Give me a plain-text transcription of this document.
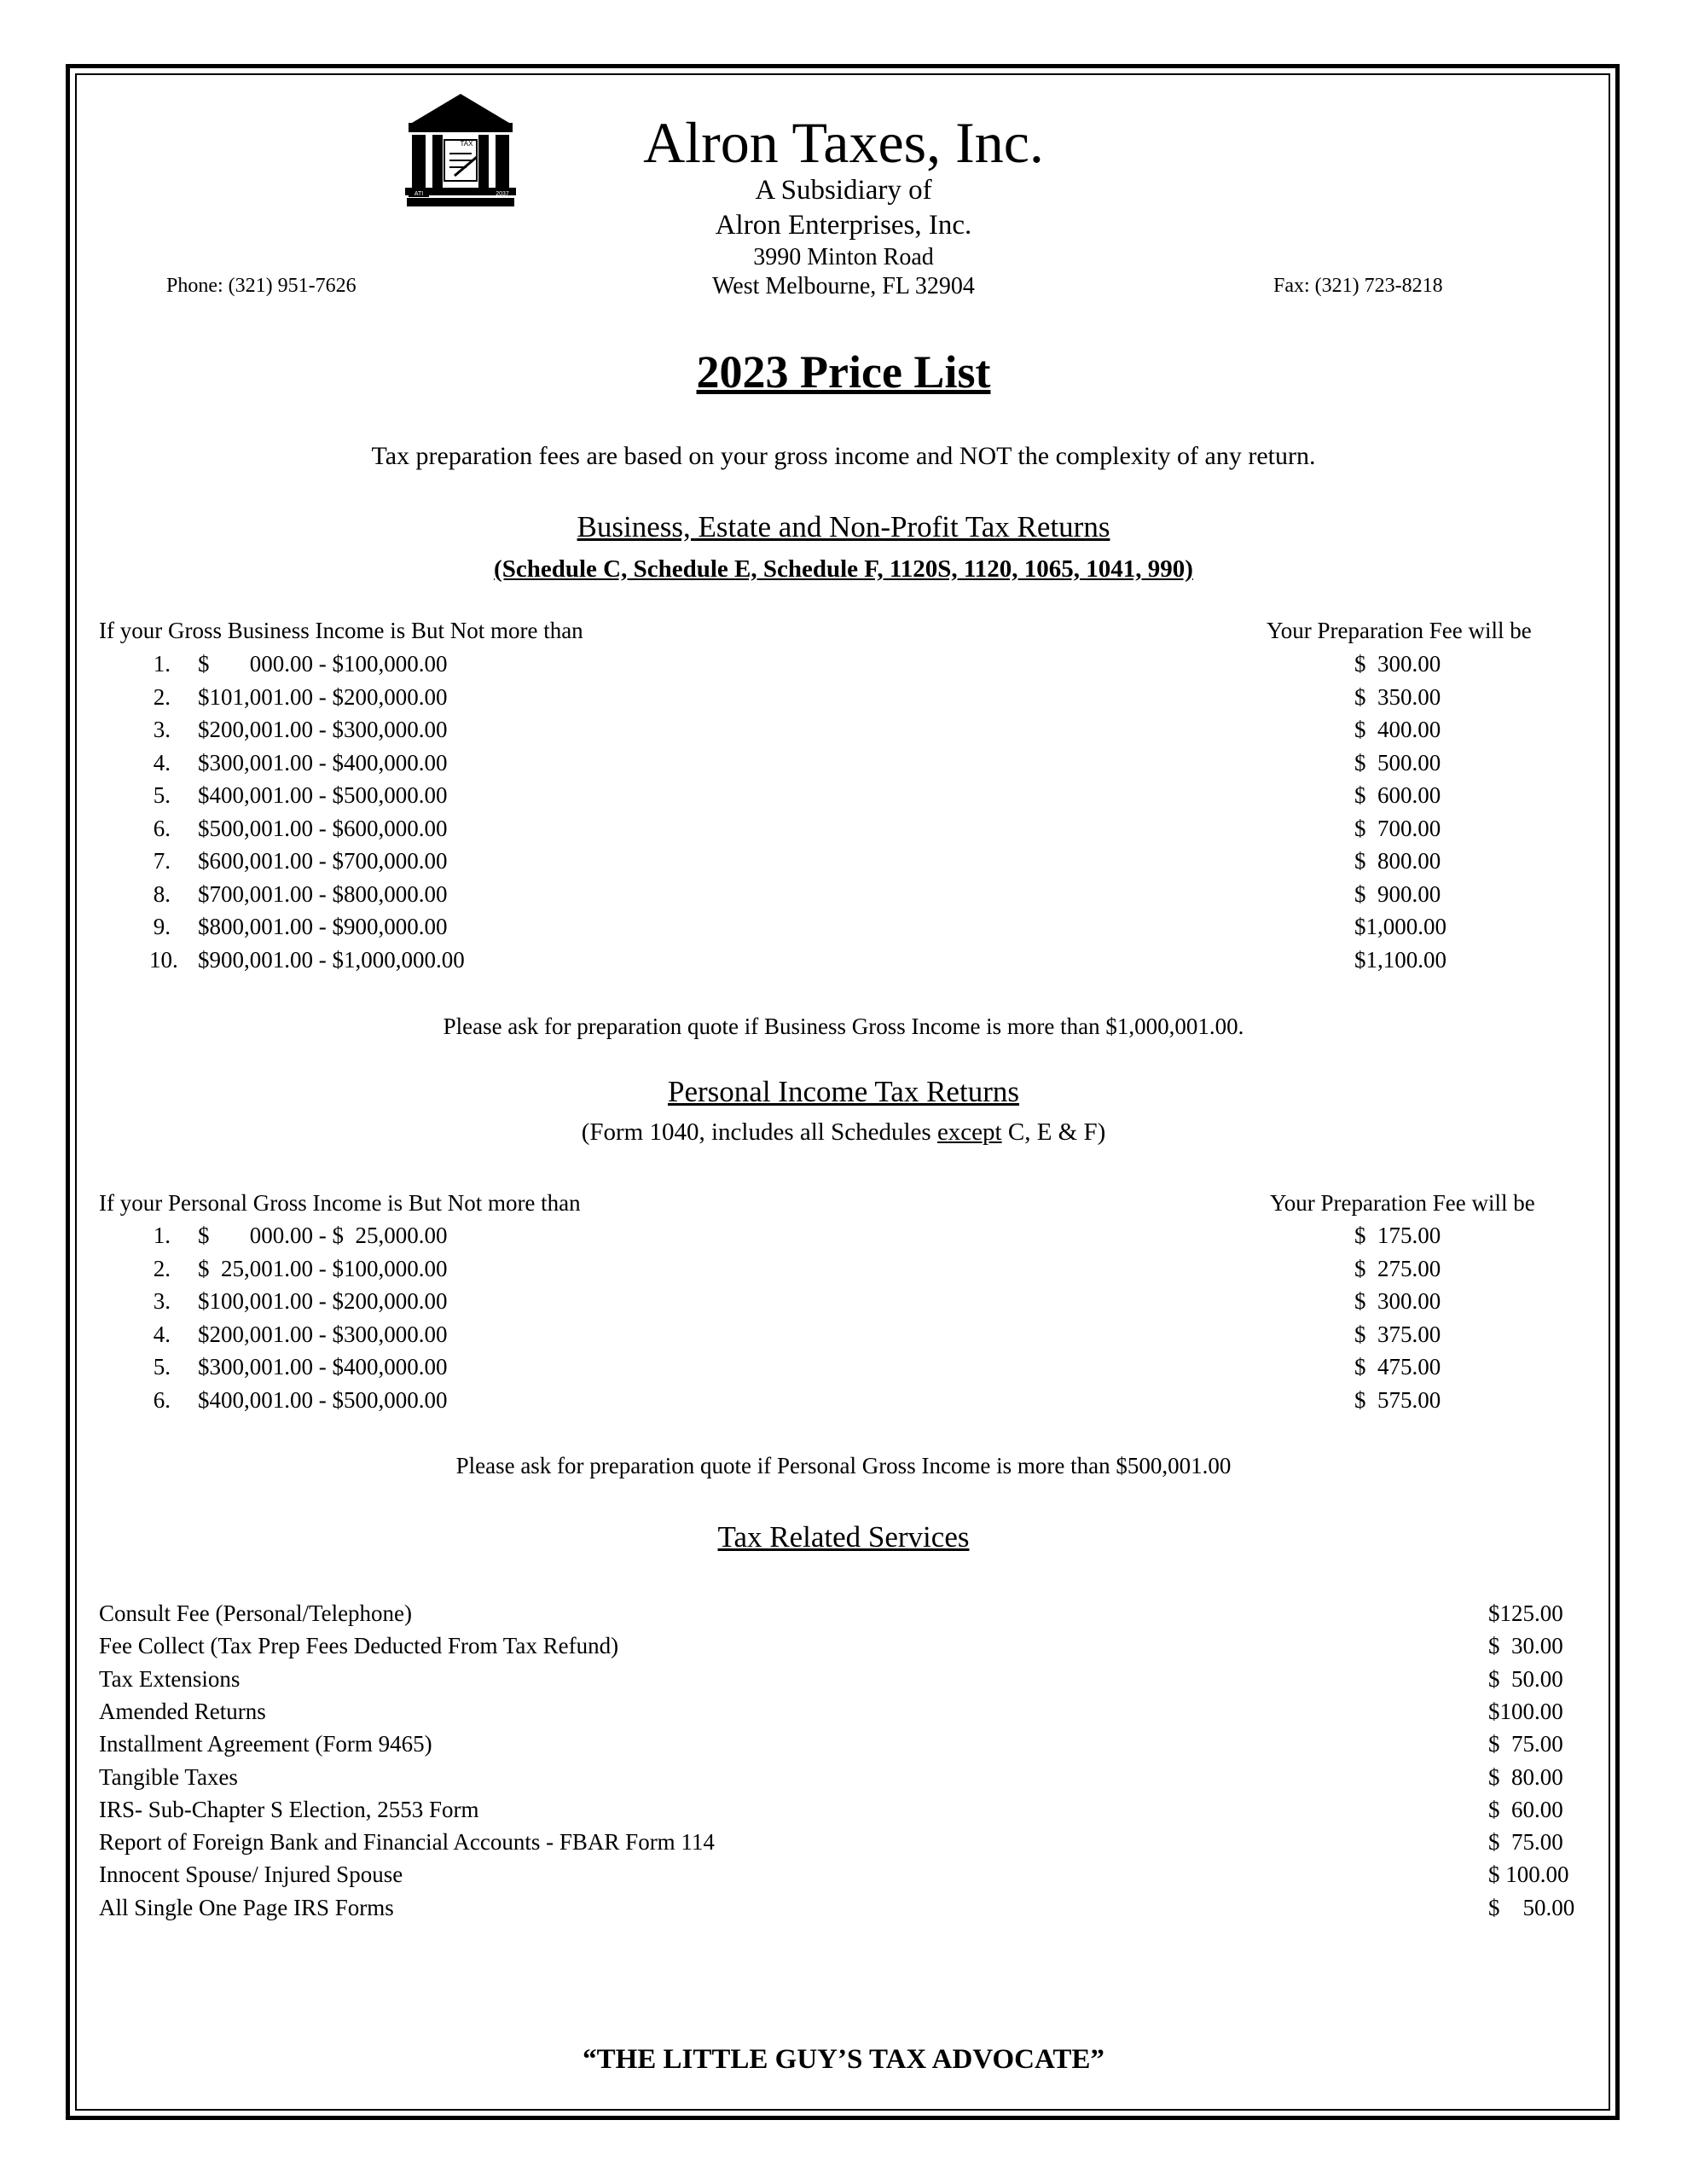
TAX
ATI	2037
Alron Taxes, Inc.
A Subsidiary of
Alron Enterprises, Inc.
3990 Minton Road
West Melbourne, FL 32904
Phone: (321) 951-7626	Fax: (321) 723-8218
2023 Price List
Tax preparation fees are based on your gross income and NOT the complexity of any return.
Business, Estate and Non-Profit Tax Returns
(Schedule C, Schedule E, Schedule F, 1120S, 1120, 1065, 1041, 990)
If your Gross Business Income is But Not more than	Your Preparation Fee will be
1. $       000.00 - $100,000.00	$  300.00
2. $101,001.00 - $200,000.00	$  350.00
3. $200,001.00 - $300,000.00	$  400.00
4. $300,001.00 - $400,000.00	$  500.00
5. $400,001.00 - $500,000.00	$  600.00
6. $500,001.00 - $600,000.00	$  700.00
7. $600,001.00 - $700,000.00	$  800.00
8. $700,001.00 - $800,000.00	$  900.00
9. $800,001.00 - $900,000.00	$1,000.00
10. $900,001.00 - $1,000,000.00	$1,100.00
Please ask for preparation quote if Business Gross Income is more than $1,000,001.00.
Personal Income Tax Returns
(Form 1040, includes all Schedules except C, E & F)
If your Personal Gross Income is But Not more than	Your Preparation Fee will be
1. $       000.00 - $  25,000.00	$  175.00
2. $  25,001.00 - $100,000.00	$  275.00
3. $100,001.00 - $200,000.00	$  300.00
4. $200,001.00 - $300,000.00	$  375.00
5. $300,001.00 - $400,000.00	$  475.00
6. $400,001.00 - $500,000.00	$  575.00
Please ask for preparation quote if Personal Gross Income is more than $500,001.00
Tax Related Services
Consult Fee (Personal/Telephone)	$125.00
Fee Collect (Tax Prep Fees Deducted From Tax Refund)	$  30.00
Tax Extensions	$  50.00
Amended Returns	$100.00
Installment Agreement (Form 9465)	$  75.00
Tangible Taxes	$  80.00
IRS- Sub-Chapter S Election, 2553 Form	$  60.00
Report of Foreign Bank and Financial Accounts - FBAR Form 114	$  75.00
Innocent Spouse/ Injured Spouse	$ 100.00
All Single One Page IRS Forms	$    50.00
“THE LITTLE GUY’S TAX ADVOCATE”
